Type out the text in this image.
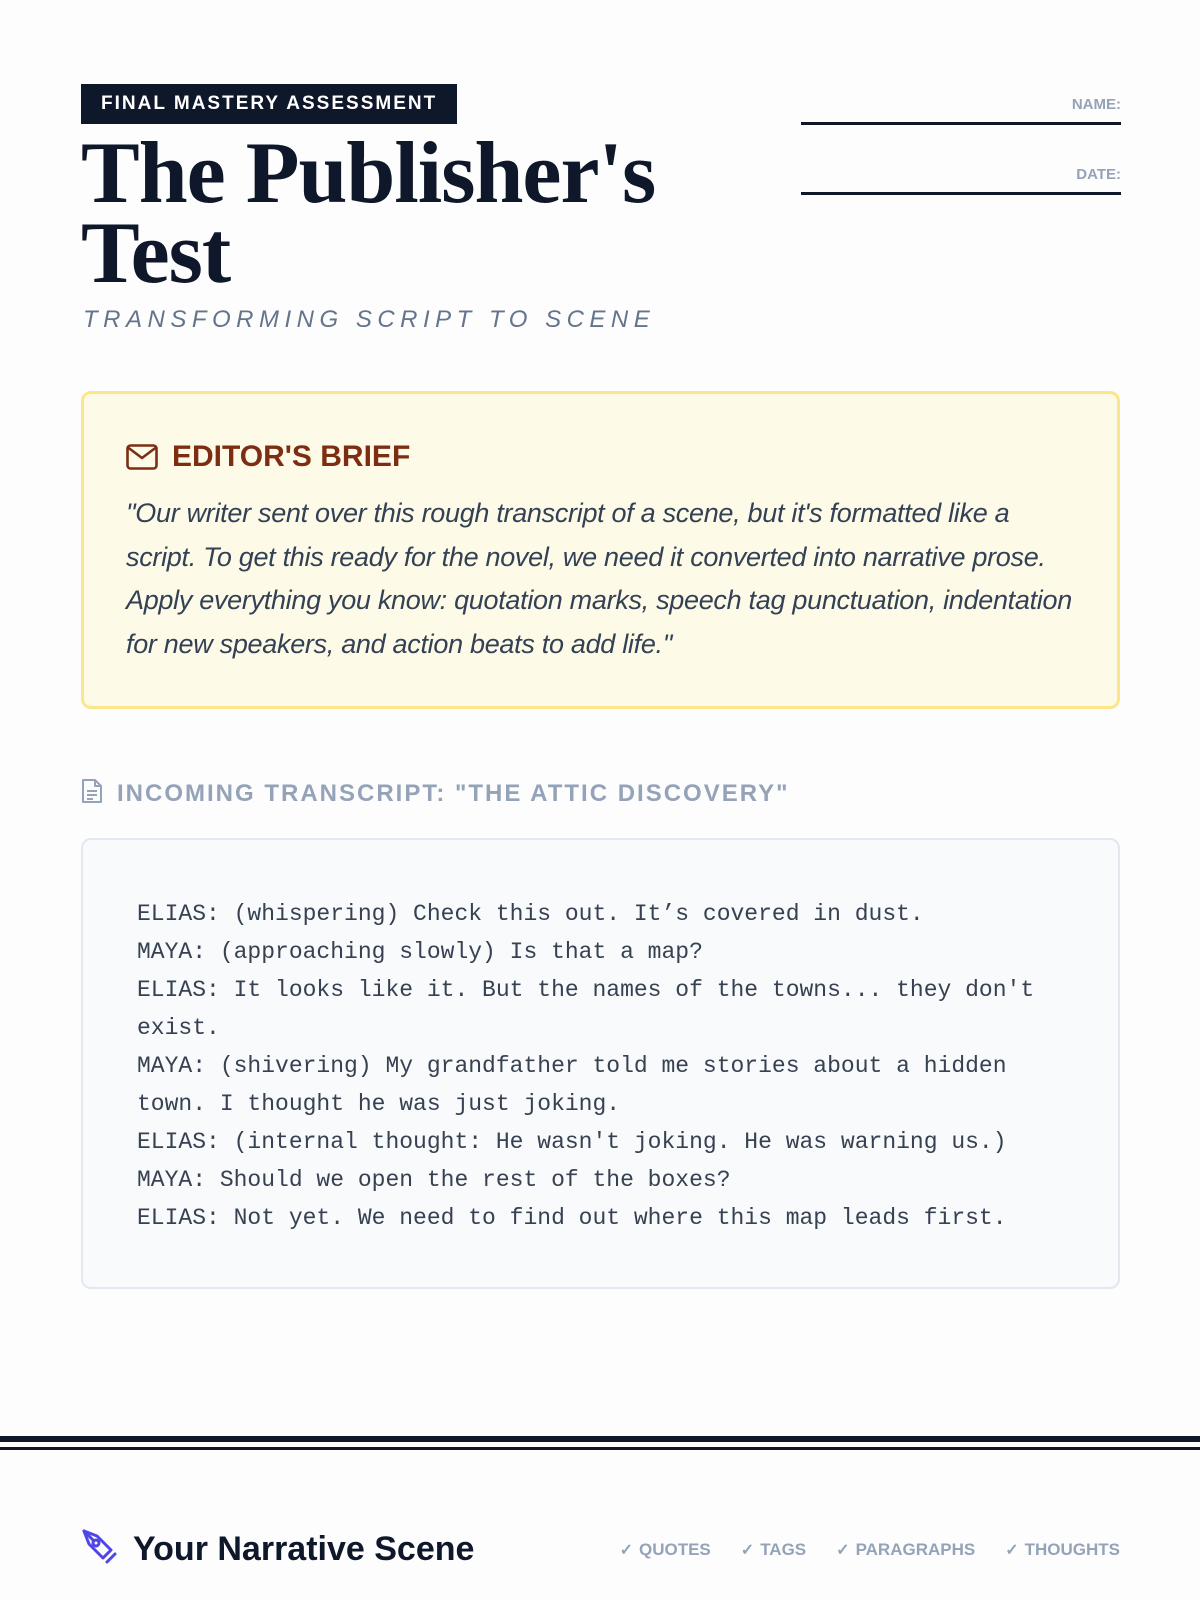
FINAL MASTERY ASSESSMENT
The Publisher's Test
TRANSFORMING SCRIPT TO SCENE
NAME:
DATE:
EDITOR'S BRIEF
"Our writer sent over this rough transcript of a scene, but it's formatted like a script. To get this ready for the novel, we need it converted into narrative prose. Apply everything you know: quotation marks, speech tag punctuation, indentation for new speakers, and action beats to add life."
INCOMING TRANSCRIPT: "THE ATTIC DISCOVERY"
ELIAS: (whispering) Check this out. It’s covered in dust.
MAYA: (approaching slowly) Is that a map?
ELIAS: It looks like it. But the names of the towns... they don't exist.
MAYA: (shivering) My grandfather told me stories about a hidden town. I thought he was just joking.
ELIAS: (internal thought: He wasn't joking. He was warning us.)
MAYA: Should we open the rest of the boxes?
ELIAS: Not yet. We need to find out where this map leads first.
Your Narrative Scene	✓ QUOTES ✓ TAGS ✓ PARAGRAPHS ✓ THOUGHTS
